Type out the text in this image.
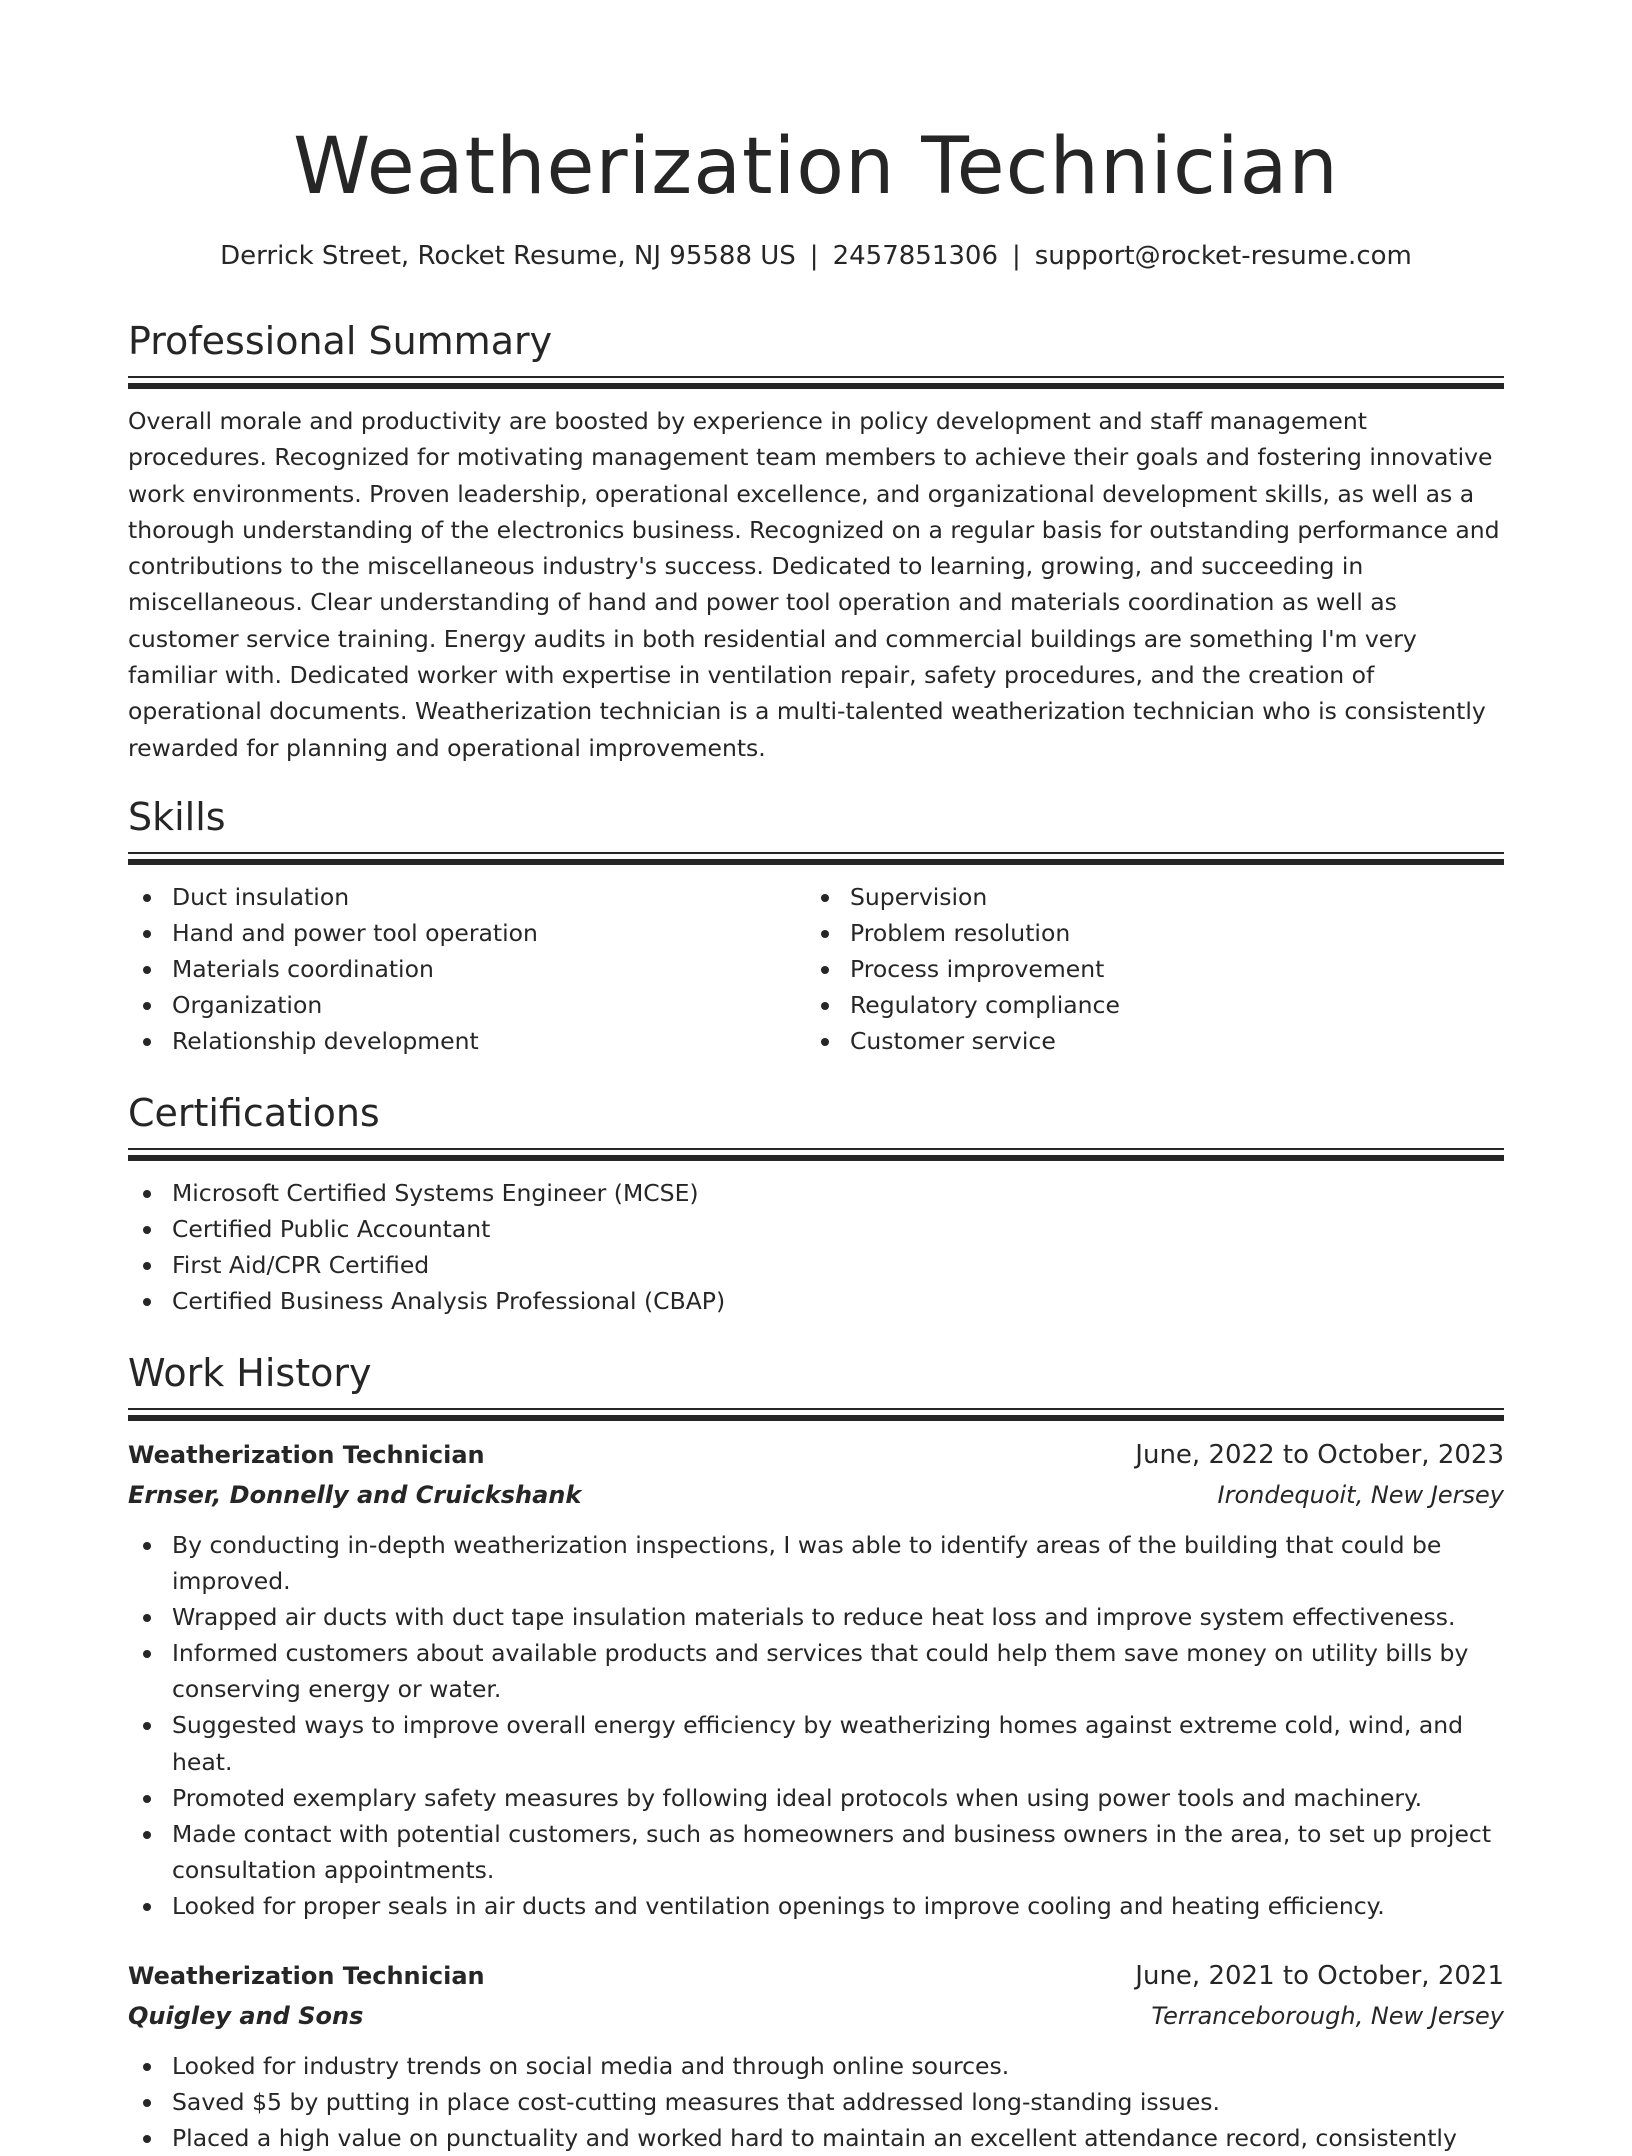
Weatherization Technician
Derrick Street, Rocket Resume, NJ 95588 US | 2457851306 | support@rocket-resume.com
Professional Summary

Overall morale and productivity are boosted by experience in policy development and staff management procedures. Recognized for motivating management team members to achieve their goals and fostering innovative work environments. Proven leadership, operational excellence, and organizational development skills, as well as a thorough understanding of the electronics business. Recognized on a regular basis for outstanding performance and contributions to the miscellaneous industry's success. Dedicated to learning, growing, and succeeding in miscellaneous. Clear understanding of hand and power tool operation and materials coordination as well as customer service training. Energy audits in both residential and commercial buildings are something I'm very familiar with. Dedicated worker with expertise in ventilation repair, safety procedures, and the creation of operational documents. Weatherization technician is a multi-talented weatherization technician who is consistently rewarded for planning and operational improvements.

Skills
Duct insulation
Hand and power tool operation
Materials coordination
Organization
Relationship development
Supervision
Problem resolution
Process improvement
Regulatory compliance
Customer service
Certifications
Microsoft Certified Systems Engineer (MCSE)
Certified Public Accountant
First Aid/CPR Certified
Certified Business Analysis Professional (CBAP)
Work History
Weatherization Technician	June, 2022 to October, 2023
Ernser, Donnelly and Cruickshank	Irondequoit, New Jersey
By conducting in-depth weatherization inspections, I was able to identify areas of the building that could be improved.
Wrapped air ducts with duct tape insulation materials to reduce heat loss and improve system effectiveness.
Informed customers about available products and services that could help them save money on utility bills by conserving energy or water.
Suggested ways to improve overall energy efficiency by weatherizing homes against extreme cold, wind, and heat.
Promoted exemplary safety measures by following ideal protocols when using power tools and machinery.
Made contact with potential customers, such as homeowners and business owners in the area, to set up project consultation appointments.
Looked for proper seals in air ducts and ventilation openings to improve cooling and heating efficiency.
Weatherization Technician	June, 2021 to October, 2021
Quigley and Sons	Terranceborough, New Jersey
Looked for industry trends on social media and through online sources.
Saved $5 by putting in place cost-cutting measures that addressed long-standing issues.
Placed a high value on punctuality and worked hard to maintain an excellent attendance record, consistently
